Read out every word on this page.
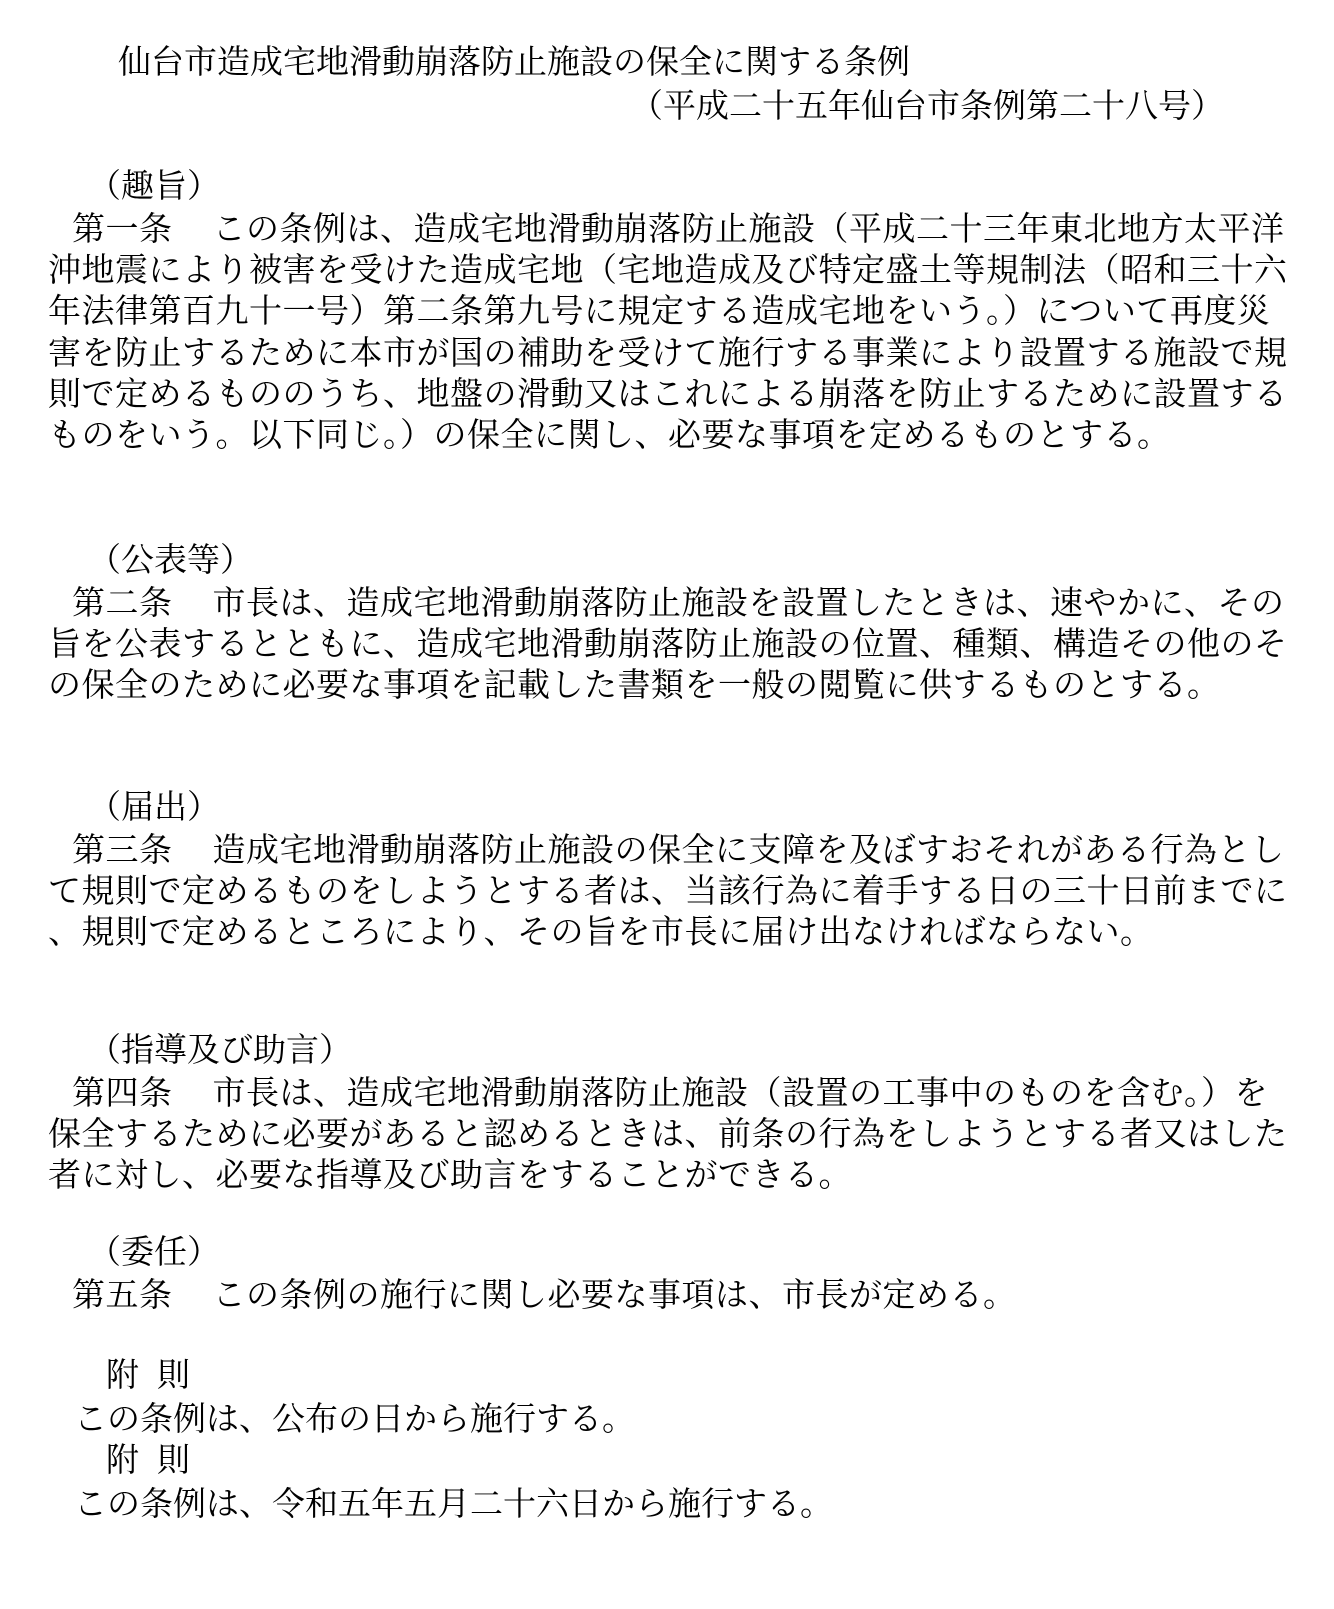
仙台市造成宅地滑動崩落防止施設の保全に関する条例
（平成二十五年仙台市条例第二十八号）
（趣旨）

第一条 この条例は、造成宅地滑動崩落防止施設（平成二十三年東北地方太平洋沖地震により被害を受けた造成宅地（宅地造成及び特定盛土等規制法（昭和三十六年法律第百九十一号）第二条第九号に規定する造成宅地をいう。）について再度災害を防止するために本市が国の補助を受けて施行する事業により設置する施設で規則で定めるもののうち、地盤の滑動又はこれによる崩落を防止するために設置するものをいう。以下同じ。）の保全に関し、必要な事項を定めるものとする。

（公表等）

第二条 市長は、造成宅地滑動崩落防止施設を設置したときは、速やかに、その旨を公表するとともに、造成宅地滑動崩落防止施設の位置、種類、構造その他のその保全のために必要な事項を記載した書類を一般の閲覧に供するものとする。

（届出）

第三条 造成宅地滑動崩落防止施設の保全に支障を及ぼすおそれがある行為として規則で定めるものをしようとする者は、当該行為に着手する日の三十日前までに、規則で定めるところにより、その旨を市長に届け出なければならない。

（指導及び助言）

第四条 市長は、造成宅地滑動崩落防止施設（設置の工事中のものを含む。）を保全するために必要があると認めるときは、前条の行為をしようとする者又はした者に対し、必要な指導及び助言をすることができる。

（委任）

第五条 この条例の施行に関し必要な事項は、市長が定める。

附則
この条例は、公布の日から施行する。
附則
この条例は、令和五年五月二十六日から施行する。
